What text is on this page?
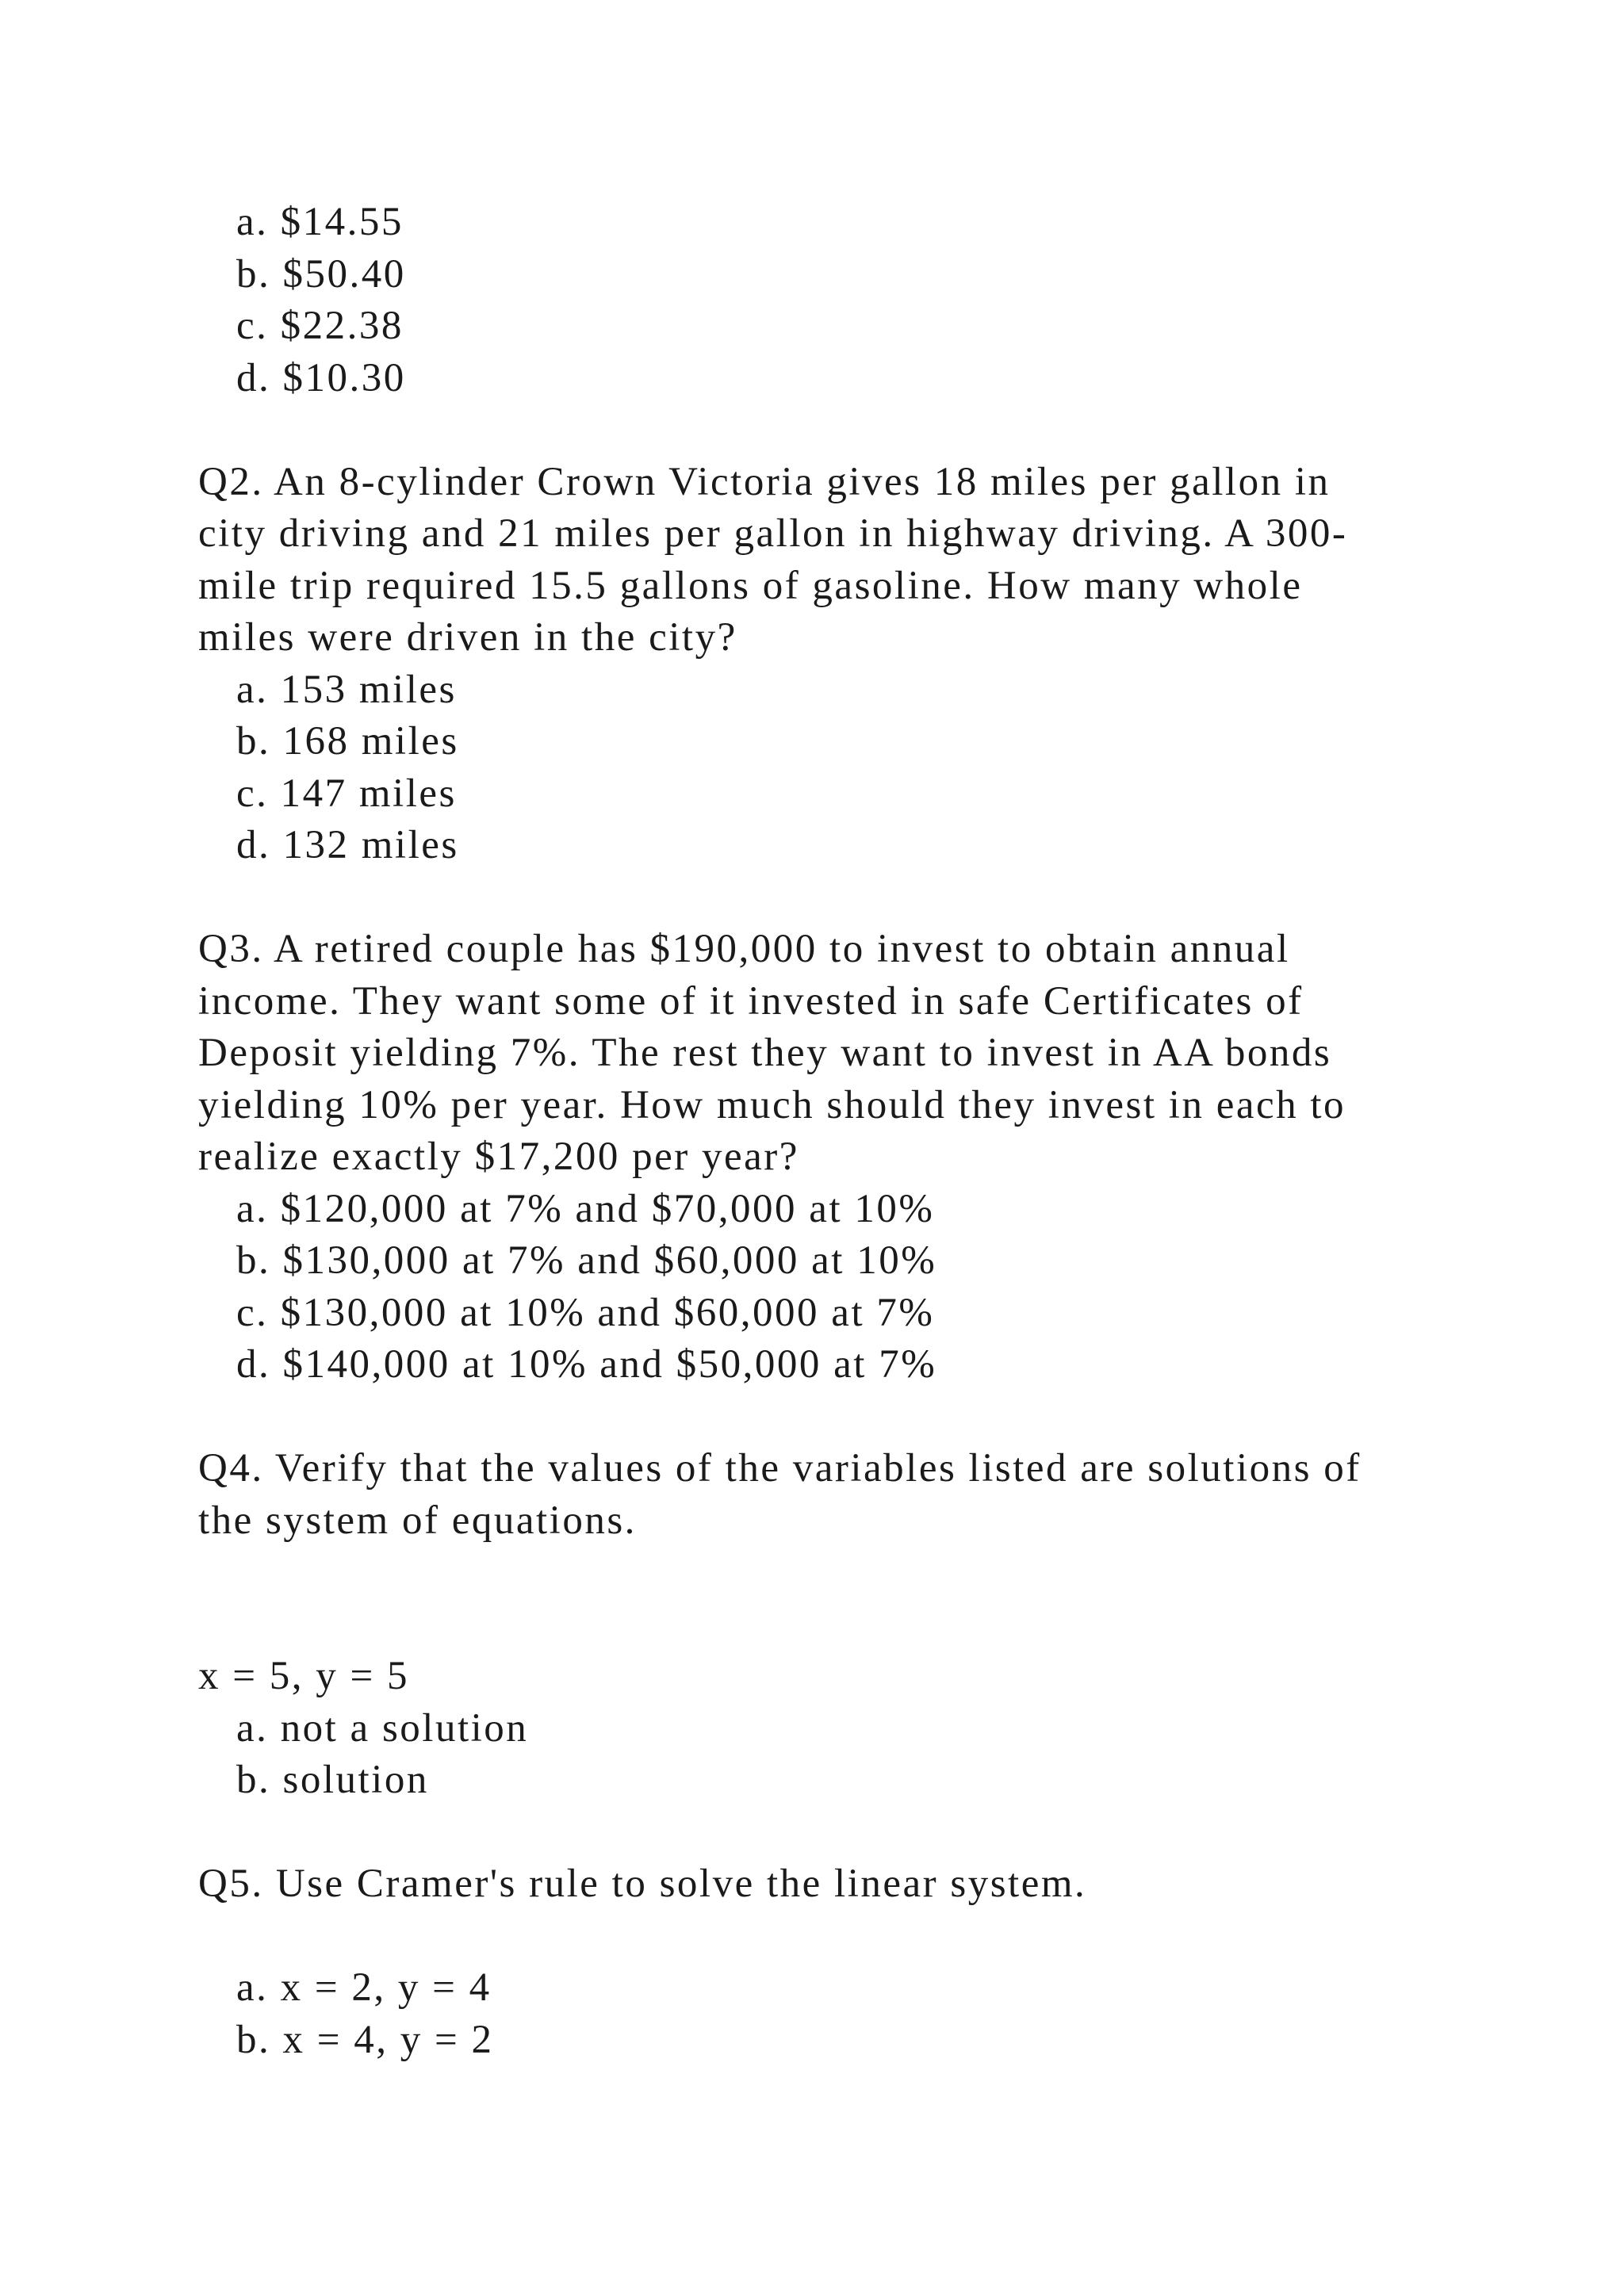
a. $14.55

b. $50.40

c. $22.38

d. $10.30

Q2. An 8-cylinder Crown Victoria gives 18 miles per gallon in

city driving and 21 miles per gallon in highway driving. A 300-

mile trip required 15.5 gallons of gasoline. How many whole

miles were driven in the city?

a. 153 miles

b. 168 miles

c. 147 miles

d. 132 miles

Q3. A retired couple has $190,000 to invest to obtain annual

income. They want some of it invested in safe Certificates of

Deposit yielding 7%. The rest they want to invest in AA bonds

yielding 10% per year. How much should they invest in each to

realize exactly $17,200 per year?

a. $120,000 at 7% and $70,000 at 10%

b. $130,000 at 7% and $60,000 at 10%

c. $130,000 at 10% and $60,000 at 7%

d. $140,000 at 10% and $50,000 at 7%

Q4. Verify that the values of the variables listed are solutions of

the system of equations.

x = 5, y = 5

a. not a solution

b. solution

Q5. Use Cramer's rule to solve the linear system.

a. x = 2, y = 4

b. x = 4, y = 2
